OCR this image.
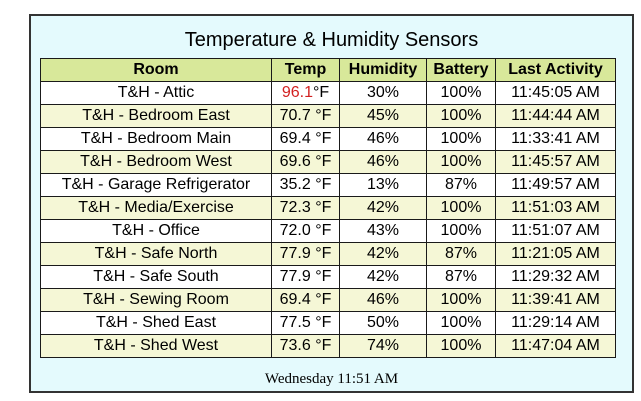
Temperature & Humidity Sensors
Room	Temp	Humidity	Battery	Last Activity
T&H - Attic	96.1°F	30%	100%	11:45:05 AM
T&H - Bedroom East	70.7 °F	45%	100%	11:44:44 AM
T&H - Bedroom Main	69.4 °F	46%	100%	11:33:41 AM
T&H - Bedroom West	69.6 °F	46%	100%	11:45:57 AM
T&H - Garage Refrigerator	35.2 °F	13%	87%	11:49:57 AM
T&H - Media/Exercise	72.3 °F	42%	100%	11:51:03 AM
T&H - Office	72.0 °F	43%	100%	11:51:07 AM
T&H - Safe North	77.9 °F	42%	87%	11:21:05 AM
T&H - Safe South	77.9 °F	42%	87%	11:29:32 AM
T&H - Sewing Room	69.4 °F	46%	100%	11:39:41 AM
T&H - Shed East	77.5 °F	50%	100%	11:29:14 AM
T&H - Shed West	73.6 °F	74%	100%	11:47:04 AM
Wednesday 11:51 AM
